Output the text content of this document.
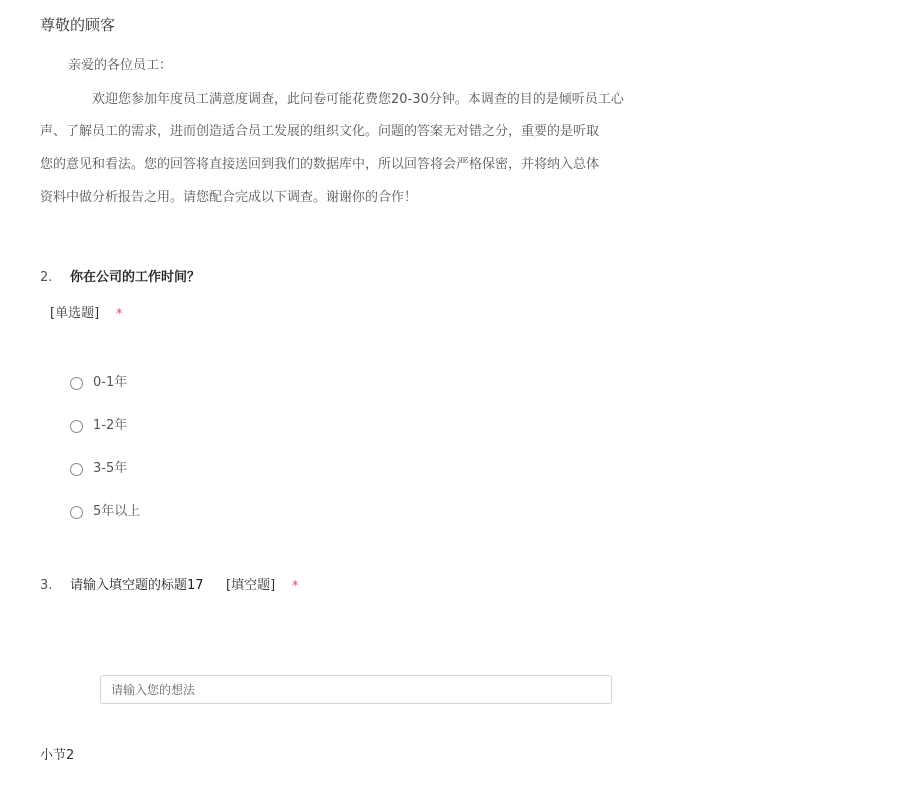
尊敬的顾客
亲爱的各位员工：
欢迎您参加年度员工满意度调查，此问卷可能花费您20-30分钟。本调查的目的是倾听员工心
声、了解员工的需求，进而创造适合员工发展的组织文化。问题的答案无对错之分，重要的是听取
您的意见和看法。您的回答将直接送回到我们的数据库中，所以回答将会严格保密，并将纳入总体
资料中做分析报告之用。请您配合完成以下调查。谢谢你的合作！
2. 你在公司的工作时间？
[单选题] *
0-1年
1-2年
3-5年
5年以上
3. 请输入填空题的标题17 [填空题] *
请输入您的想法
小节2
